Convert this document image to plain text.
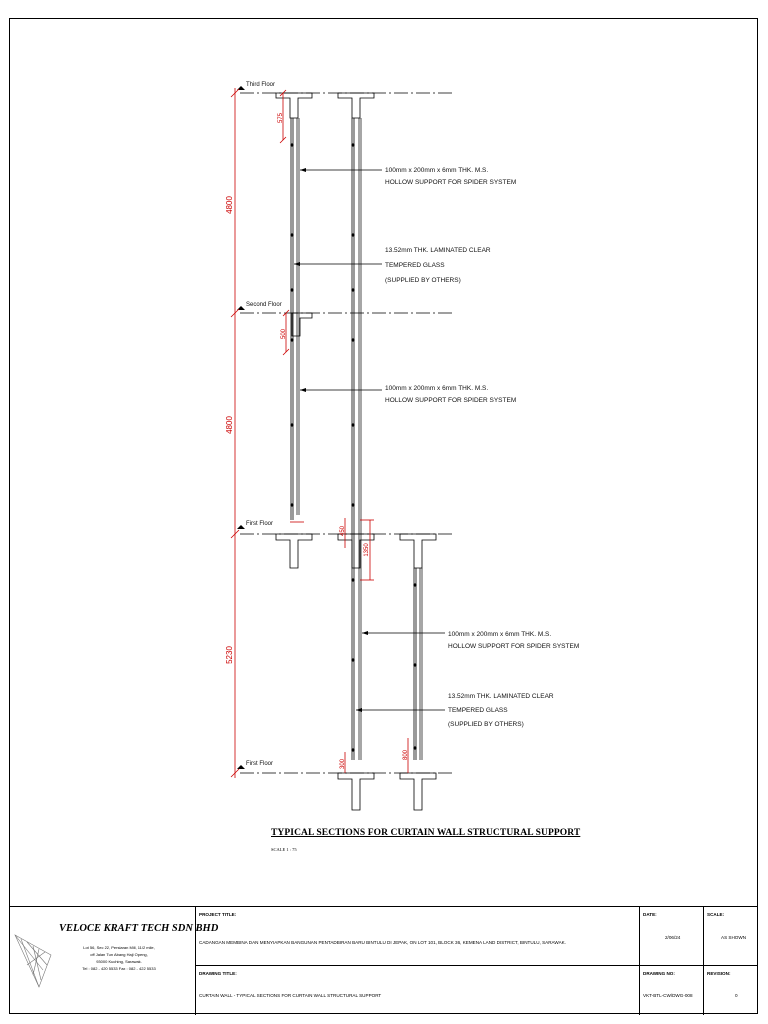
Third Floor
Second Floor
First Floor
First Floor
4800
4800
5230
575
500
450
1350
800
300
100mm x 200mm x 6mm THK. M.S.
HOLLOW SUPPORT FOR SPIDER SYSTEM
13.52mm THK. LAMINATED CLEAR
TEMPERED GLASS
(SUPPLIED BY OTHERS)
100mm x 200mm x 6mm THK. M.S.
HOLLOW SUPPORT FOR SPIDER SYSTEM
100mm x 200mm x 6mm THK. M.S.
HOLLOW SUPPORT FOR SPIDER SYSTEM
13.52mm THK. LAMINATED CLEAR
TEMPERED GLASS
(SUPPLIED BY OTHERS)
TYPICAL SECTIONS FOR CURTAIN WALL STRUCTURAL SUPPORT
SCALE 1 : 75
VELOCE KRAFT TECH SDN BHD
Lot 56, Sec 22, Persiaran Mill, 11/2 mile,
off Jalan Tun Abang Haji Openg,
93000 Kuching, Sarawak.
Tel : 082 - 420 5533 Fax : 082 - 422 5533
PROJECT TITLE:
CADANGAN MEMBINA DAN MENYIAPKAN BANGUNAN PENTADBIRAN BARU BINTULU DI JEPAK, ON LOT 101, BLOCK 36, KEMENA LAND DISTRICT, BINTULU, SARAWAK.
DATE:
2/06/24
SCALE:
AS SHOWN
DRAWING TITLE:
CURTAIN WALL - TYPICAL SECTIONS FOR CURTAIN WALL STRUCTURAL SUPPORT
DRAWING NO:
VKT-BTL-CW/DWG-008
REVISION:
0
